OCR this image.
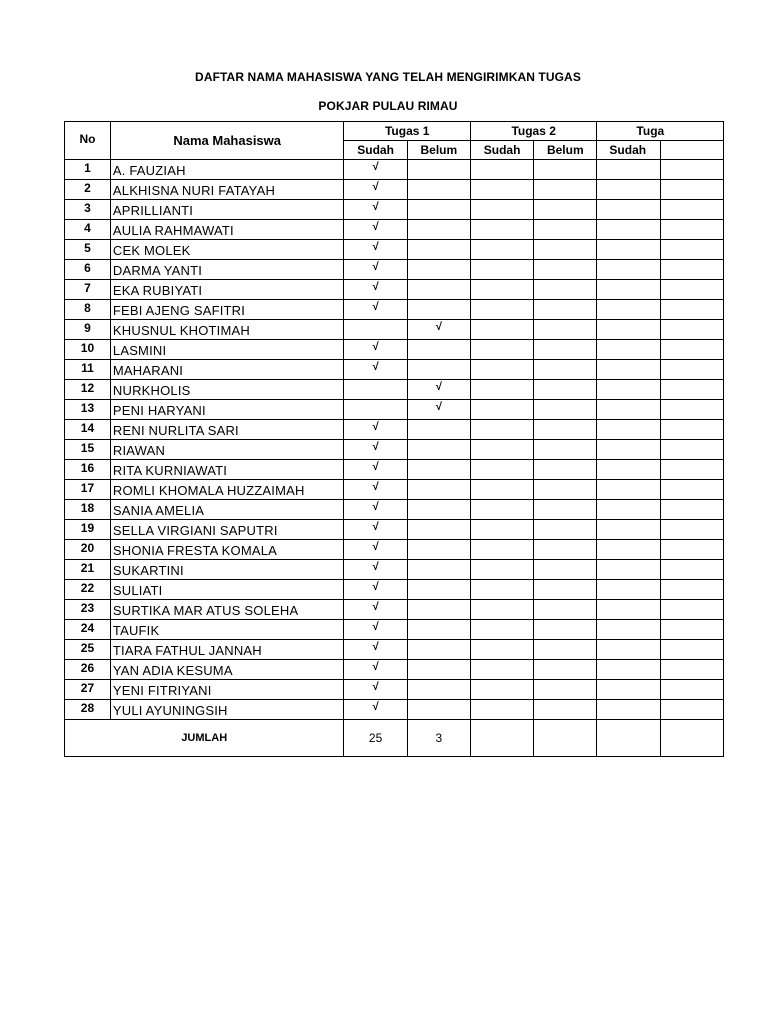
DAFTAR NAMA MAHASISWA YANG TELAH MENGIRIMKAN TUGAS
POKJAR PULAU RIMAU
No	Nama Mahasiswa	Tugas 1		Tugas 2		Tuga	
		Sudah	Belum	Sudah	Belum	Sudah	
1	A. FAUZIAH	√					
2	ALKHISNA NURI FATAYAH	√					
3	APRILLIANTI	√					
4	AULIA RAHMAWATI	√					
5	CEK MOLEK	√					
6	DARMA YANTI	√					
7	EKA RUBIYATI	√					
8	FEBI AJENG SAFITRI	√					
9	KHUSNUL KHOTIMAH		√				
10	LASMINI	√					
11	MAHARANI	√					
12	NURKHOLIS		√				
13	PENI HARYANI		√				
14	RENI NURLITA SARI	√					
15	RIAWAN	√					
16	RITA KURNIAWATI	√					
17	ROMLI KHOMALA HUZZAIMAH	√					
18	SANIA AMELIA	√					
19	SELLA VIRGIANI SAPUTRI	√					
20	SHONIA FRESTA KOMALA	√					
21	SUKARTINI	√					
22	SULIATI	√					
23	SURTIKA MAR ATUS SOLEHA	√					
24	TAUFIK	√					
25	TIARA FATHUL JANNAH	√					
26	YAN ADIA KESUMA	√					
27	YENI FITRIYANI	√					
28	YULI AYUNINGSIH	√					
JUMLAH		25	3				
